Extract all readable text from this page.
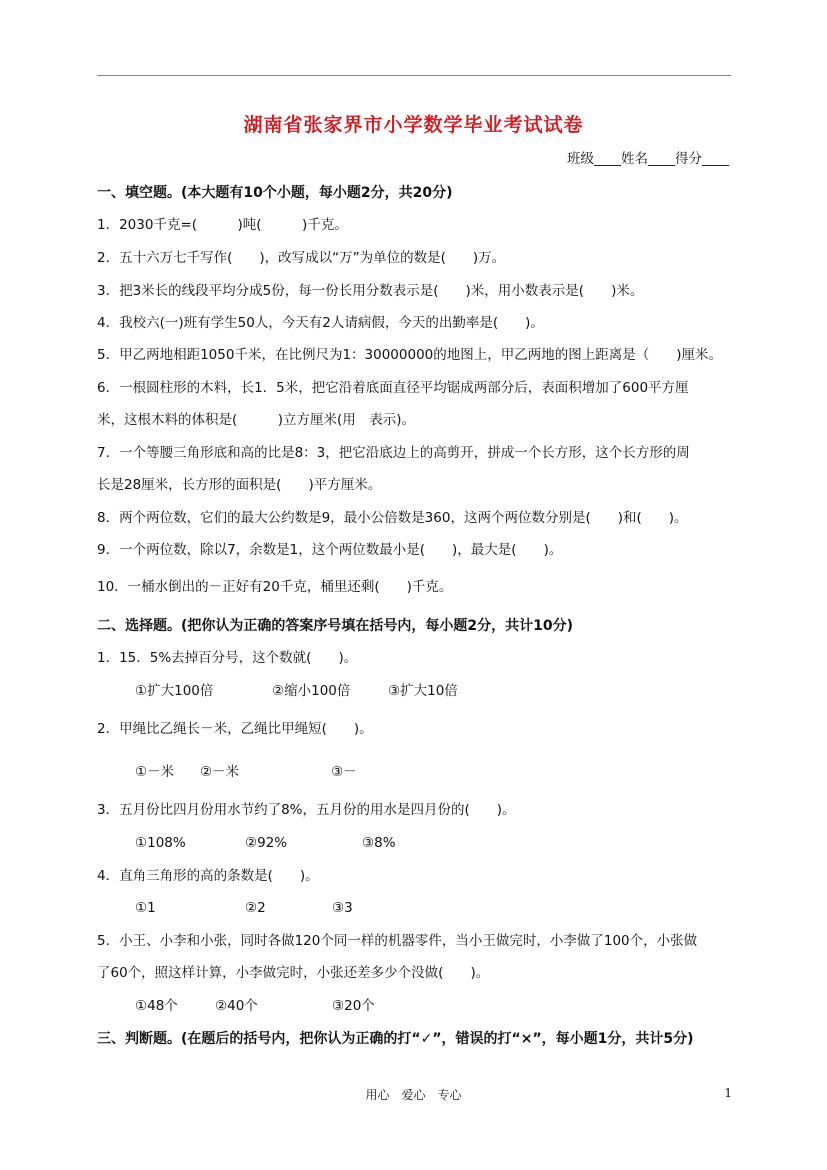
湖南省张家界市小学数学毕业考试试卷
班级____姓名____得分____
一、填空题。(本大题有10个小题，每小题2分，共20分)
1．2030千克=(　　　)吨(　　　)千克。
2．五十六万七千写作(　　)，改写成以“万”为单位的数是(　　)万。
3．把3米长的线段平均分成5份，每一份长用分数表示是(　　)米，用小数表示是(　　)米。
4．我校六(一)班有学生50人，今天有2人请病假，今天的出勤率是(　　)。
5．甲乙两地相距1050千米，在比例尺为1：30000000的地图上，甲乙两地的图上距离是（　　)厘米。
6．一根圆柱形的木料，长1．5米，把它沿着底面直径平均锯成两部分后，表面积增加了600平方厘
米，这根木料的体积是(　　　)立方厘米(用　表示)。
7．一个等腰三角形底和高的比是8：3，把它沿底边上的高剪开，拼成一个长方形，这个长方形的周
长是28厘米，长方形的面积是(　　)平方厘米。
8．两个两位数，它们的最大公约数是9，最小公倍数是360，这两个两位数分别是(　　)和(　　)。
9．一个两位数，除以7，余数是1，这个两位数最小是(　　)，最大是(　　)。
10．一桶水倒出的－正好有20千克，桶里还剩(　　)千克。
二、选择题。(把你认为正确的答案序号填在括号内，每小题2分，共计10分)
1．15．5%去掉百分号，这个数就(　　)。
①扩大100倍	②缩小100倍	③扩大10倍
2．甲绳比乙绳长－米，乙绳比甲绳短(　　)。
①－米 ②－米	③－
3．五月份比四月份用水节约了8%，五月份的用水是四月份的(　　)。
①108%	②92%	③8%
4．直角三角形的高的条数是(　　)。
①1	②2	③3
5．小王、小李和小张，同时各做120个同一样的机器零件，当小王做完时，小李做了100个，小张做
了60个，照这样计算，小李做完时，小张还差多少个没做(　　)。
①48个	②40个	③20个
三、判断题。(在题后的括号内，把你认为正确的打“✓”，错误的打“×”，每小题1分，共计5分)
用心　爱心　专心	1
